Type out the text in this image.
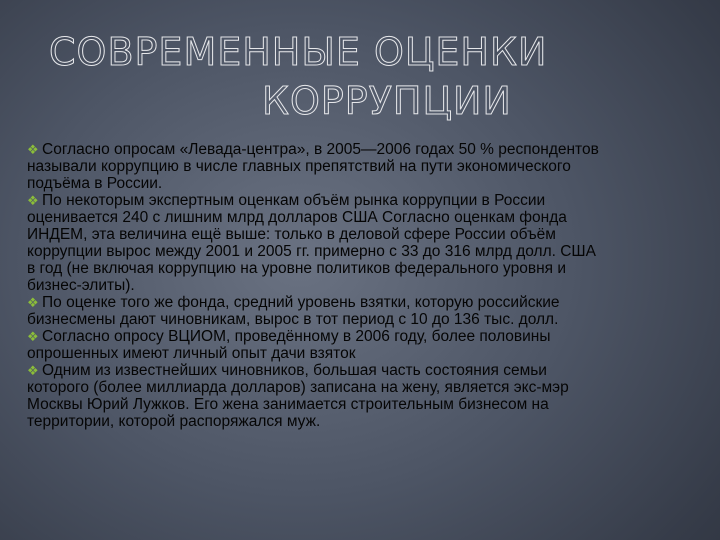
СОВРЕМЕННЫЕ ОЦЕНКИ
КОРРУПЦИИ

❖ Согласно опросам «Левада-центра», в 2005—2006 годах 50 % респондентов называли коррупцию в числе главных препятствий на пути экономического подъёма в России.

❖ По некоторым экспертным оценкам объём рынка коррупции в России оценивается 240 с лишним млрд долларов США Согласно оценкам фонда ИНДЕМ, эта величина ещё выше: только в деловой сфере России объём коррупции вырос между 2001 и 2005 гг. примерно с 33 до 316 млрд долл. США в год (не включая коррупцию на уровне политиков федерального уровня и бизнес-элиты).

❖ По оценке того же фонда, средний уровень взятки, которую российские бизнесмены дают чиновникам, вырос в тот период с 10 до 136 тыс. долл.

❖ Согласно опросу ВЦИОМ, проведённому в 2006 году, более половины опрошенных имеют личный опыт дачи взяток

❖ Одним из известнейших чиновников, большая часть состояния семьи которого (более миллиарда долларов) записана на жену, является экс-мэр Москвы Юрий Лужков. Его жена занимается строительным бизнесом на территории, которой распоряжался муж.
